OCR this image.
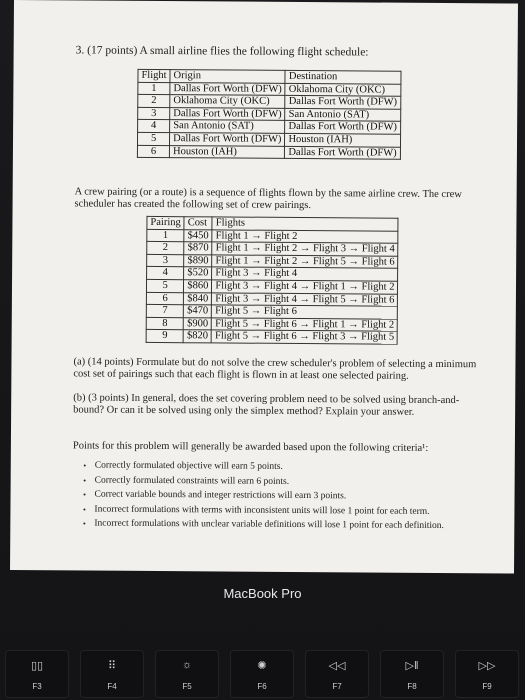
3. (17 points) A small airline flies the following flight schedule:
Flight	Origin	Destination
1	Dallas Fort Worth (DFW)	Oklahoma City (OKC)
2	Oklahoma City (OKC)	Dallas Fort Worth (DFW)
3	Dallas Fort Worth (DFW)	San Antonio (SAT)
4	San Antonio (SAT)	Dallas Fort Worth (DFW)
5	Dallas Fort Worth (DFW)	Houston (IAH)
6	Houston (IAH)	Dallas Fort Worth (DFW)
A crew pairing (or a route) is a sequence of flights flown by the same airline crew. The crew scheduler has created the following set of crew pairings.
Pairing	Cost	Flights
1	$450	Flight 1 → Flight 2
2	$870	Flight 1 → Flight 2 → Flight 3 → Flight 4
3	$890	Flight 1 → Flight 2 → Flight 5 → Flight 6
4	$520	Flight 3 → Flight 4
5	$860	Flight 3 → Flight 4 → Flight 1 → Flight 2
6	$840	Flight 3 → Flight 4 → Flight 5 → Flight 6
7	$470	Flight 5 → Flight 6
8	$900	Flight 5 → Flight 6 → Flight 1 → Flight 2
9	$820	Flight 5 → Flight 6 → Flight 3 → Flight 5
(a) (14 points) Formulate but do not solve the crew scheduler's problem of selecting a minimum cost set of pairings such that each flight is flown in at least one selected pairing.
(b) (3 points) In general, does the set covering problem need to be solved using branch-and-bound? Or can it be solved using only the simplex method? Explain your answer.
Points for this problem will generally be awarded based upon the following criteria¹:
• Correctly formulated objective will earn 5 points.
• Correctly formulated constraints will earn 6 points.
• Correct variable bounds and integer restrictions will earn 3 points.
• Incorrect formulations with terms with inconsistent units will lose 1 point for each term.
• Incorrect formulations with unclear variable definitions will lose 1 point for each definition.
MacBook Pro
▯▯
F3
⠿
F4
☼
F5
✺
F6
◁◁
F7
▷‖
F8
▷▷
F9
